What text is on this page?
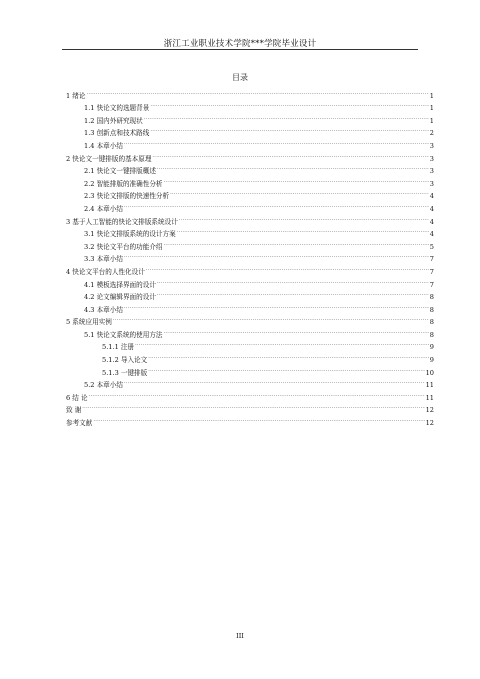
浙江工业职业技术学院***学院毕业设计
目录
1 绪论 .....	1
1.1 快论文的选题背景 .....	1
1.2 国内外研究现状 .....	1
1.3 创新点和技术路线 .....	2
1.4 本章小结 .....	3
2 快论文一键排版的基本原理 .....	3
2.1 快论文一键排版概述 .....	3
2.2 智能排版的准确性分析 .....	3
2.3 快论文排版的快速性分析 .....	4
2.4 本章小结 .....	4
3 基于人工智能的快论文排版系统设计 .....	4
3.1 快论文排版系统的设计方案 .....	4
3.2 快论文平台的功能介绍 .....	5
3.3 本章小结 .....	7
4 快论文平台的人性化设计 .....	7
4.1 模板选择界面的设计 .....	7
4.2 论文编辑界面的设计 .....	8
4.3 本章小结 .....	8
5 系统应用实例 .....	8
5.1 快论文系统的使用方法 .....	8
5.1.1 注册 .....	9
5.1.2 导入论文 .....	9
5.1.3 一键排版 .....	10
5.2 本章小结 .....	11
6 结 论 .....	11
致 谢 .....	12
参考文献 .....	12
III
